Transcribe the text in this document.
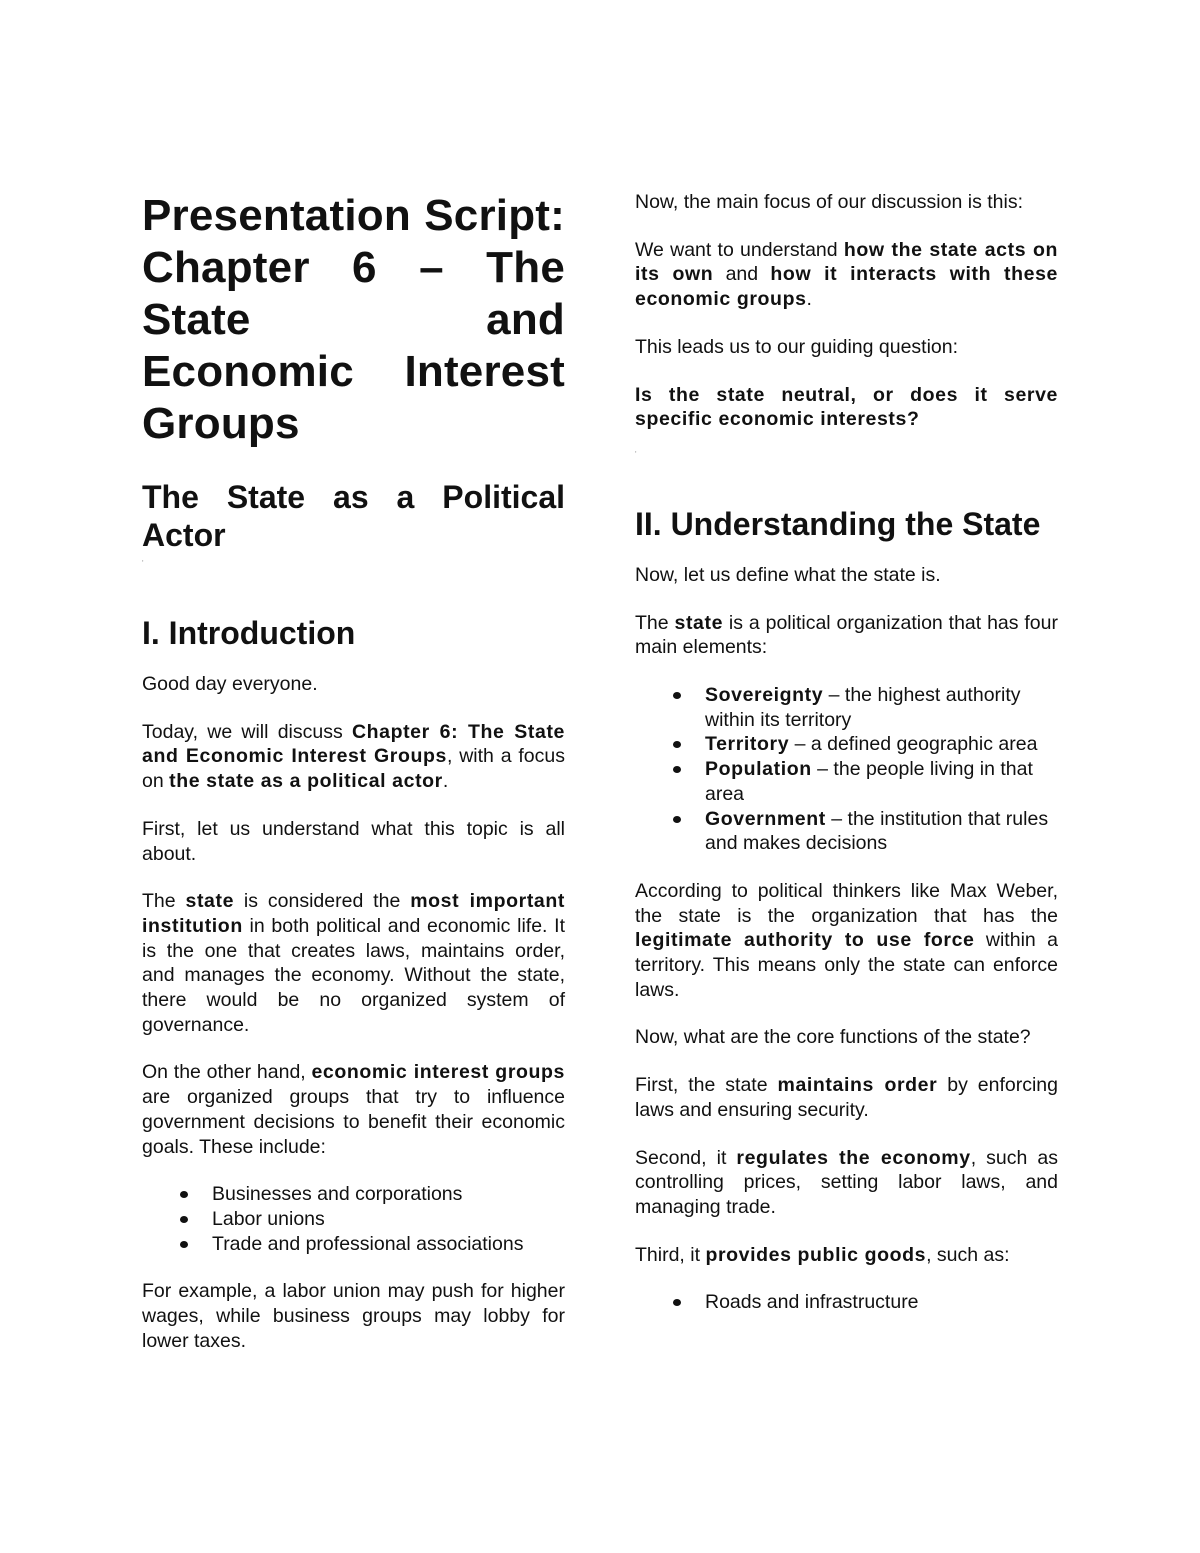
Presentation Script: Chapter 6 – The State and Economic Interest Groups
The State as a Political Actor
'
I. Introduction

Good day everyone.

Today, we will discuss Chapter 6: The State and Economic Interest Groups, with a focus on the state as a political actor.

First, let us understand what this topic is all about.

The state is considered the most important institution in both political and economic life. It is the one that creates laws, maintains order, and manages the economy. Without the state, there would be no organized system of governance.

On the other hand, economic interest groups are organized groups that try to influence government decisions to benefit their economic goals. These include:

Businesses and corporations
Labor unions
Trade and professional associations

For example, a labor union may push for higher wages, while business groups may lobby for lower taxes.

Now, the main focus of our discussion is this:

We want to understand how the state acts on its own and how it interacts with these economic groups.

This leads us to our guiding question:

Is the state neutral, or does it serve specific economic interests?

'
II. Understanding the State

Now, let us define what the state is.

The state is a political organization that has four main elements:

Sovereignty – the highest authority within its territory
Territory – a defined geographic area
Population – the people living in that area
Government – the institution that rules and makes decisions

According to political thinkers like Max Weber, the state is the organization that has the legitimate authority to use force within a territory. This means only the state can enforce laws.

Now, what are the core functions of the state?

First, the state maintains order by enforcing laws and ensuring security.

Second, it regulates the economy, such as controlling prices, setting labor laws, and managing trade.

Third, it provides public goods, such as:

Roads and infrastructure
